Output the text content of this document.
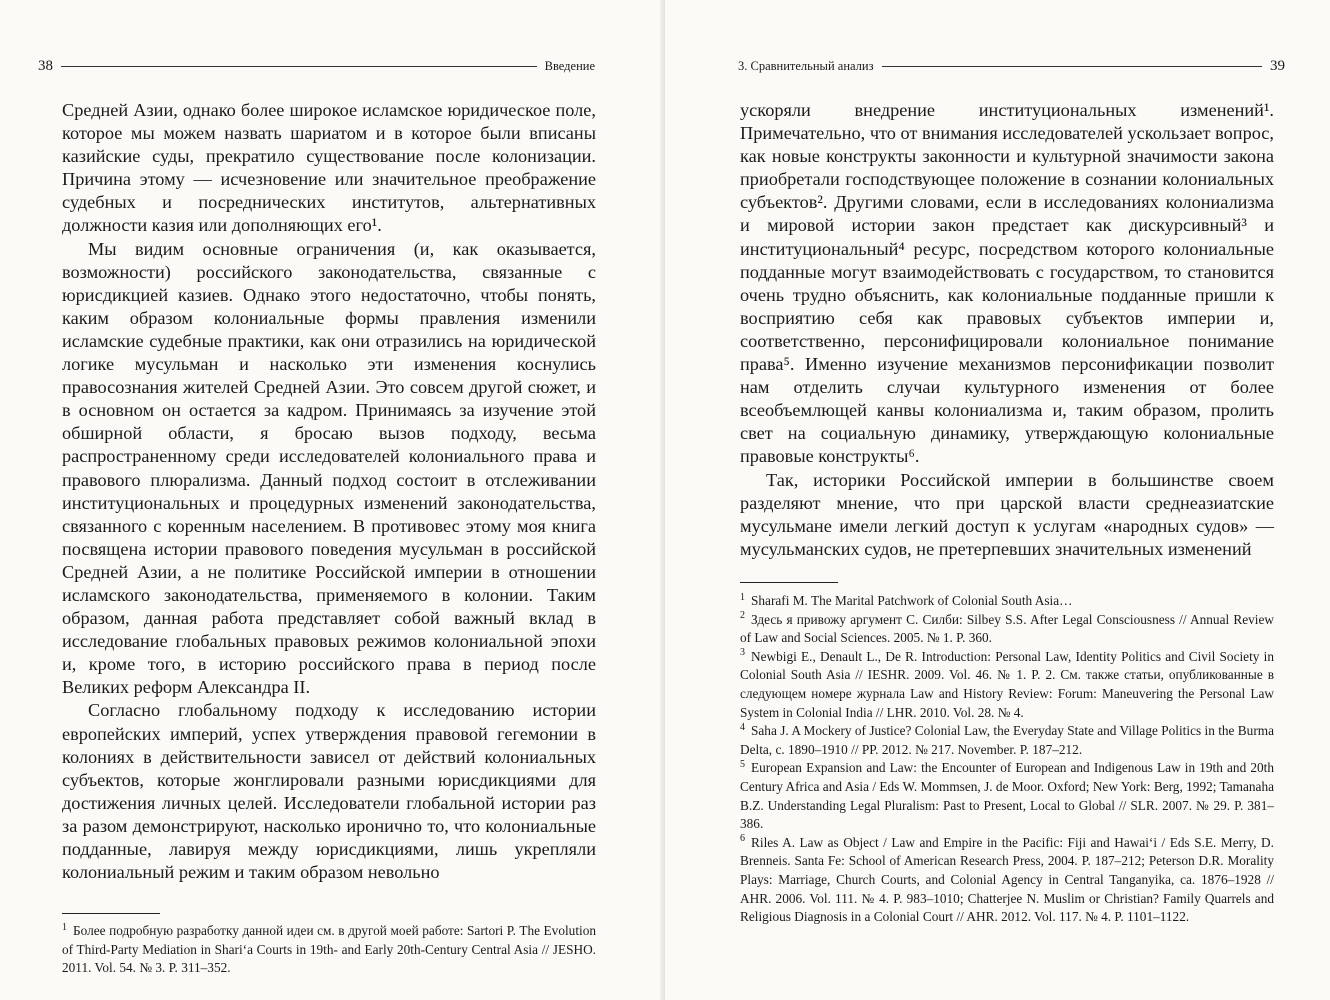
38	Введение

Средней Азии, однако более широкое исламское юридическое поле, которое мы можем назвать шариатом и в которое были вписаны казийские суды, прекратило существование после колонизации. Причина этому — исчезновение или значительное преображение судебных и посреднических институтов, альтернативных должности казия или дополняющих его¹.

Мы видим основные ограничения (и, как оказывается, возможности) российского законодательства, связанные с юрисдикцией казиев. Однако этого недостаточно, чтобы понять, каким образом колониальные формы правления изменили исламские судебные практики, как они отразились на юридической логике мусульман и насколько эти изменения коснулись правосознания жителей Средней Азии. Это совсем другой сюжет, и в основном он остается за кадром. Принимаясь за изучение этой обширной области, я бросаю вызов подходу, весьма распространенному среди исследователей колониального права и правового плюрализма. Данный подход состоит в отслеживании институциональных и процедурных изменений законодательства, связанного с коренным населением. В противовес этому моя книга посвящена истории правового поведения мусульман в российской Средней Азии, а не политике Российской империи в отношении исламского законодательства, применяемого в колонии. Таким образом, данная работа представляет собой важный вклад в исследование глобальных правовых режимов колониальной эпохи и, кроме того, в историю российского права в период после Великих реформ Александра II.

Согласно глобальному подходу к исследованию истории европейских империй, успех утверждения правовой гегемонии в колониях в действительности зависел от действий колониальных субъектов, которые жонглировали разными юрисдикциями для достижения личных целей. Исследователи глобальной истории раз за разом демонстрируют, насколько иронично то, что колониальные подданные, лавируя между юрисдикциями, лишь укрепляли колониальный режим и таким образом невольно

$^1$ Более подробную разработку данной идеи см. в другой моей работе: Sartori P. The Evolution of Third-Party Mediation in Shari‘a Courts in 19th- and Early 20th-Century Central Asia // JESHO. 2011. Vol. 54. № 3. P. 311–352.

3. Сравнительный анализ	39

ускоряли внедрение институциональных изменений¹. Примечательно, что от внимания исследователей ускользает вопрос, как новые конструкты законности и культурной значимости закона приобретали господствующее положение в сознании колониальных субъектов². Другими словами, если в исследованиях колониализма и мировой истории закон предстает как дискурсивный³ и институциональный⁴ ресурс, посредством которого колониальные подданные могут взаимодействовать с государством, то становится очень трудно объяснить, как колониальные подданные пришли к восприятию себя как правовых субъектов империи и, соответственно, персонифицировали колониальное понимание права⁵. Именно изучение механизмов персонификации позволит нам отделить случаи культурного изменения от более всеобъемлющей канвы колониализма и, таким образом, пролить свет на социальную динамику, утверждающую колониальные правовые конструкты⁶.

Так, историки Российской империи в большинстве своем разделяют мнение, что при царской власти среднеазиатские мусульмане имели легкий доступ к услугам «народных судов» — мусульманских судов, не претерпевших значительных изменений

$^1$ Sharafi M. The Marital Patchwork of Colonial South Asia…

$^2$ Здесь я привожу аргумент С. Силби: Silbey S.S. After Legal Consciousness // Annual Review of Law and Social Sciences. 2005. № 1. P. 360.

$^3$ Newbigi E., Denault L., De R. Introduction: Personal Law, Identity Politics and Civil Society in Colonial South Asia // IESHR. 2009. Vol. 46. № 1. P. 2. См. также статьи, опубликованные в следующем номере журнала Law and History Review: Forum: Maneuvering the Personal Law System in Colonial India // LHR. 2010. Vol. 28. № 4.

$^4$ Saha J. A Mockery of Justice? Colonial Law, the Everyday State and Village Politics in the Burma Delta, c. 1890–1910 // PP. 2012. № 217. November. P. 187–212.

$^5$ European Expansion and Law: the Encounter of European and Indigenous Law in 19th and 20th Century Africa and Asia / Eds W. Mommsen, J. de Moor. Oxford; New York: Berg, 1992; Tamanaha B.Z. Understanding Legal Pluralism: Past to Present, Local to Global // SLR. 2007. № 29. P. 381–386.

$^6$ Riles A. Law as Object / Law and Empire in the Pacific: Fiji and Hawai‘i / Eds S.E. Merry, D. Brenneis. Santa Fe: School of American Research Press, 2004. P. 187–212; Peterson D.R. Morality Plays: Marriage, Church Courts, and Colonial Agency in Central Tanganyika, ca. 1876–1928 // AHR. 2006. Vol. 111. № 4. P. 983–1010; Chatterjee N. Muslim or Christian? Family Quarrels and Religious Diagnosis in a Colonial Court // AHR. 2012. Vol. 117. № 4. P. 1101–1122.
